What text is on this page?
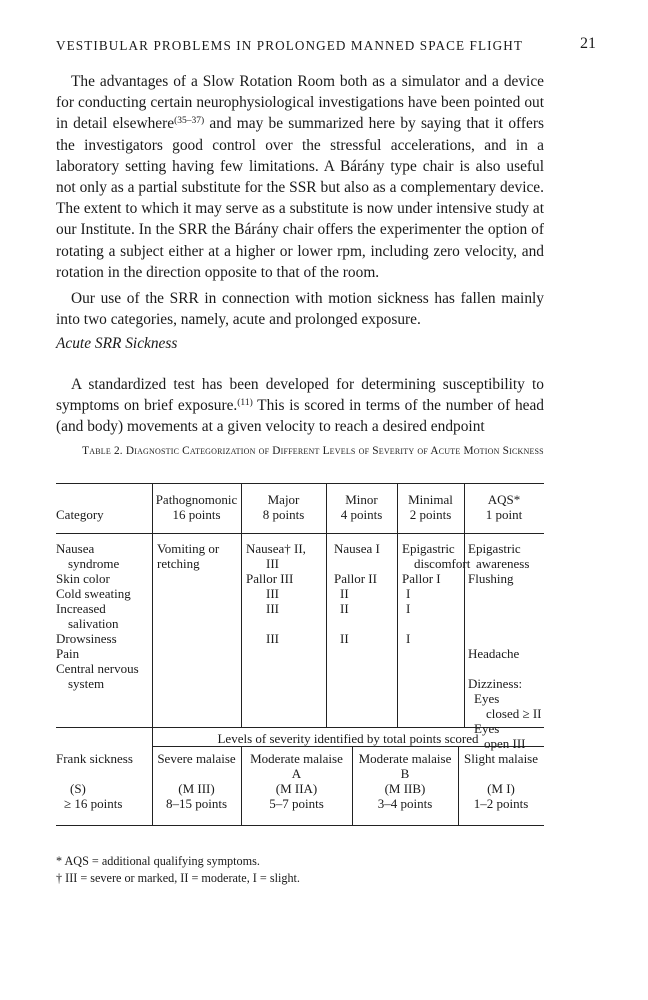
VESTIBULAR PROBLEMS IN PROLONGED MANNED SPACE FLIGHT	21

The advantages of a Slow Rotation Room both as a simulator and a device for conducting certain neurophysiological investigations have been pointed out in detail elsewhere$^{(35-37)}$ and may be summarized here by saying that it offers the investigators good control over the stressful accelerations, and in a laboratory setting having few limitations. A Bárány type chair is also useful not only as a partial substitute for the SSR but also as a complementary device. The extent to which it may serve as a substitute is now under intensive study at our Institute. In the SRR the Bárány chair offers the experimenter the option of rotating a subject either at a higher or lower rpm, including zero velocity, and rotation in the direction opposite to that of the room.

Our use of the SRR in connection with motion sickness has fallen mainly into two categories, namely, acute and prolonged exposure.

Acute SRR Sickness

A standardized test has been developed for determining susceptibility to symptoms on brief exposure.$^{(11)}$ This is scored in terms of the number of head (and body) movements at a given velocity to reach a desired endpoint

Table 2. Diagnostic Categorization of Different Levels of Severity of Acute Motion Sickness
Category
Pathognomonic
16 points
Major
8 points
Minor
4 points
Minimal
2 points
AQS*
1 point
Nausea
syndrome
Skin color
Cold sweating
Increased
salivation
Drowsiness
Pain
Central nervous
system
Vomiting or
retching
Nausea† II,
III
Pallor III
III
III
III
Nausea I
Pallor II
II
II
II
Epigastric
discomfort
Pallor I
I
I
I
Epigastric
awareness
Flushing
Headache
Dizziness:
Eyes
closed ≥ II
Eyes
open III
Levels of severity identified by total points scored
Frank sickness
(S)
≥ 16 points
Severe malaise
(M III)
8–15 points
Moderate malaise
A
(M IIA)
5–7 points
Moderate malaise
B
(M IIB)
3–4 points
Slight malaise
(M I)
1–2 points
* AQS = additional qualifying symptoms.
† III = severe or marked, II = moderate, I = slight.
